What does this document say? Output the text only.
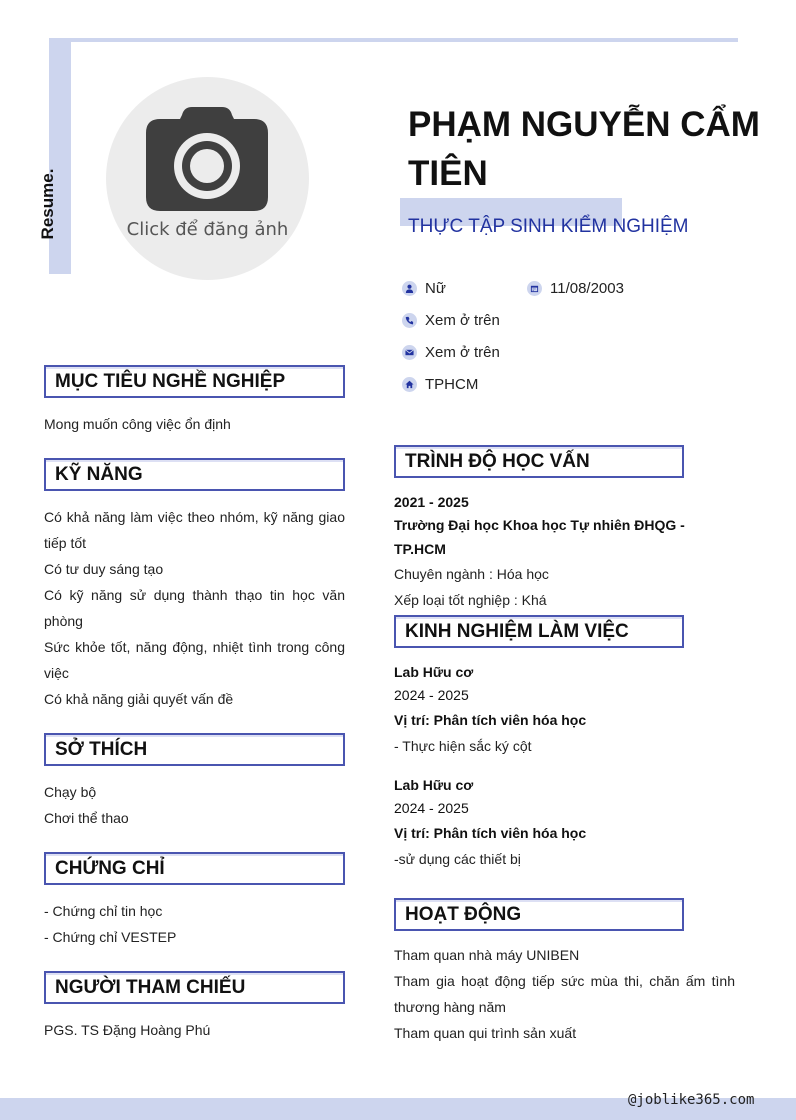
Resume.	Click để đăng ảnh
PHẠM NGUYỄN CẨM TIÊN
THỰC TẬP SINH KIỂM NGHIỆM
Nữ	11/08/2003
Xem ở trên
Xem ở trên
TPHCM
MỤC TIÊU NGHỀ NGHIỆP
Mong muốn công việc ổn định
KỸ NĂNG
Có khả năng làm việc theo nhóm, kỹ năng giao tiếp tốt
Có tư duy sáng tạo
Có kỹ năng sử dụng thành thạo tin học văn phòng
Sức khỏe tốt, năng động, nhiệt tình trong công việc
Có khả năng giải quyết vấn đề
SỞ THÍCH
Chạy bộ
Chơi thể thao
CHỨNG CHỈ
- Chứng chỉ tin học
- Chứng chỉ VESTEP
NGƯỜI THAM CHIẾU
PGS. TS Đặng Hoàng Phú
TRÌNH ĐỘ HỌC VẤN
2021 - 2025
Trường Đại học Khoa học Tự nhiên ĐHQG - TP.HCM
Chuyên ngành : Hóa học
Xếp loại tốt nghiệp : Khá
KINH NGHIỆM LÀM VIỆC
Lab Hữu cơ
2024 - 2025
Vị trí: Phân tích viên hóa học
- Thực hiện sắc ký cột
Lab Hữu cơ
2024 - 2025
Vị trí: Phân tích viên hóa học
-sử dụng các thiết bị
HOẠT ĐỘNG
Tham quan nhà máy UNIBEN
Tham gia hoạt động tiếp sức mùa thi, chăn ấm tình thương hàng năm
Tham quan qui trình sản xuất
@joblike365.com
